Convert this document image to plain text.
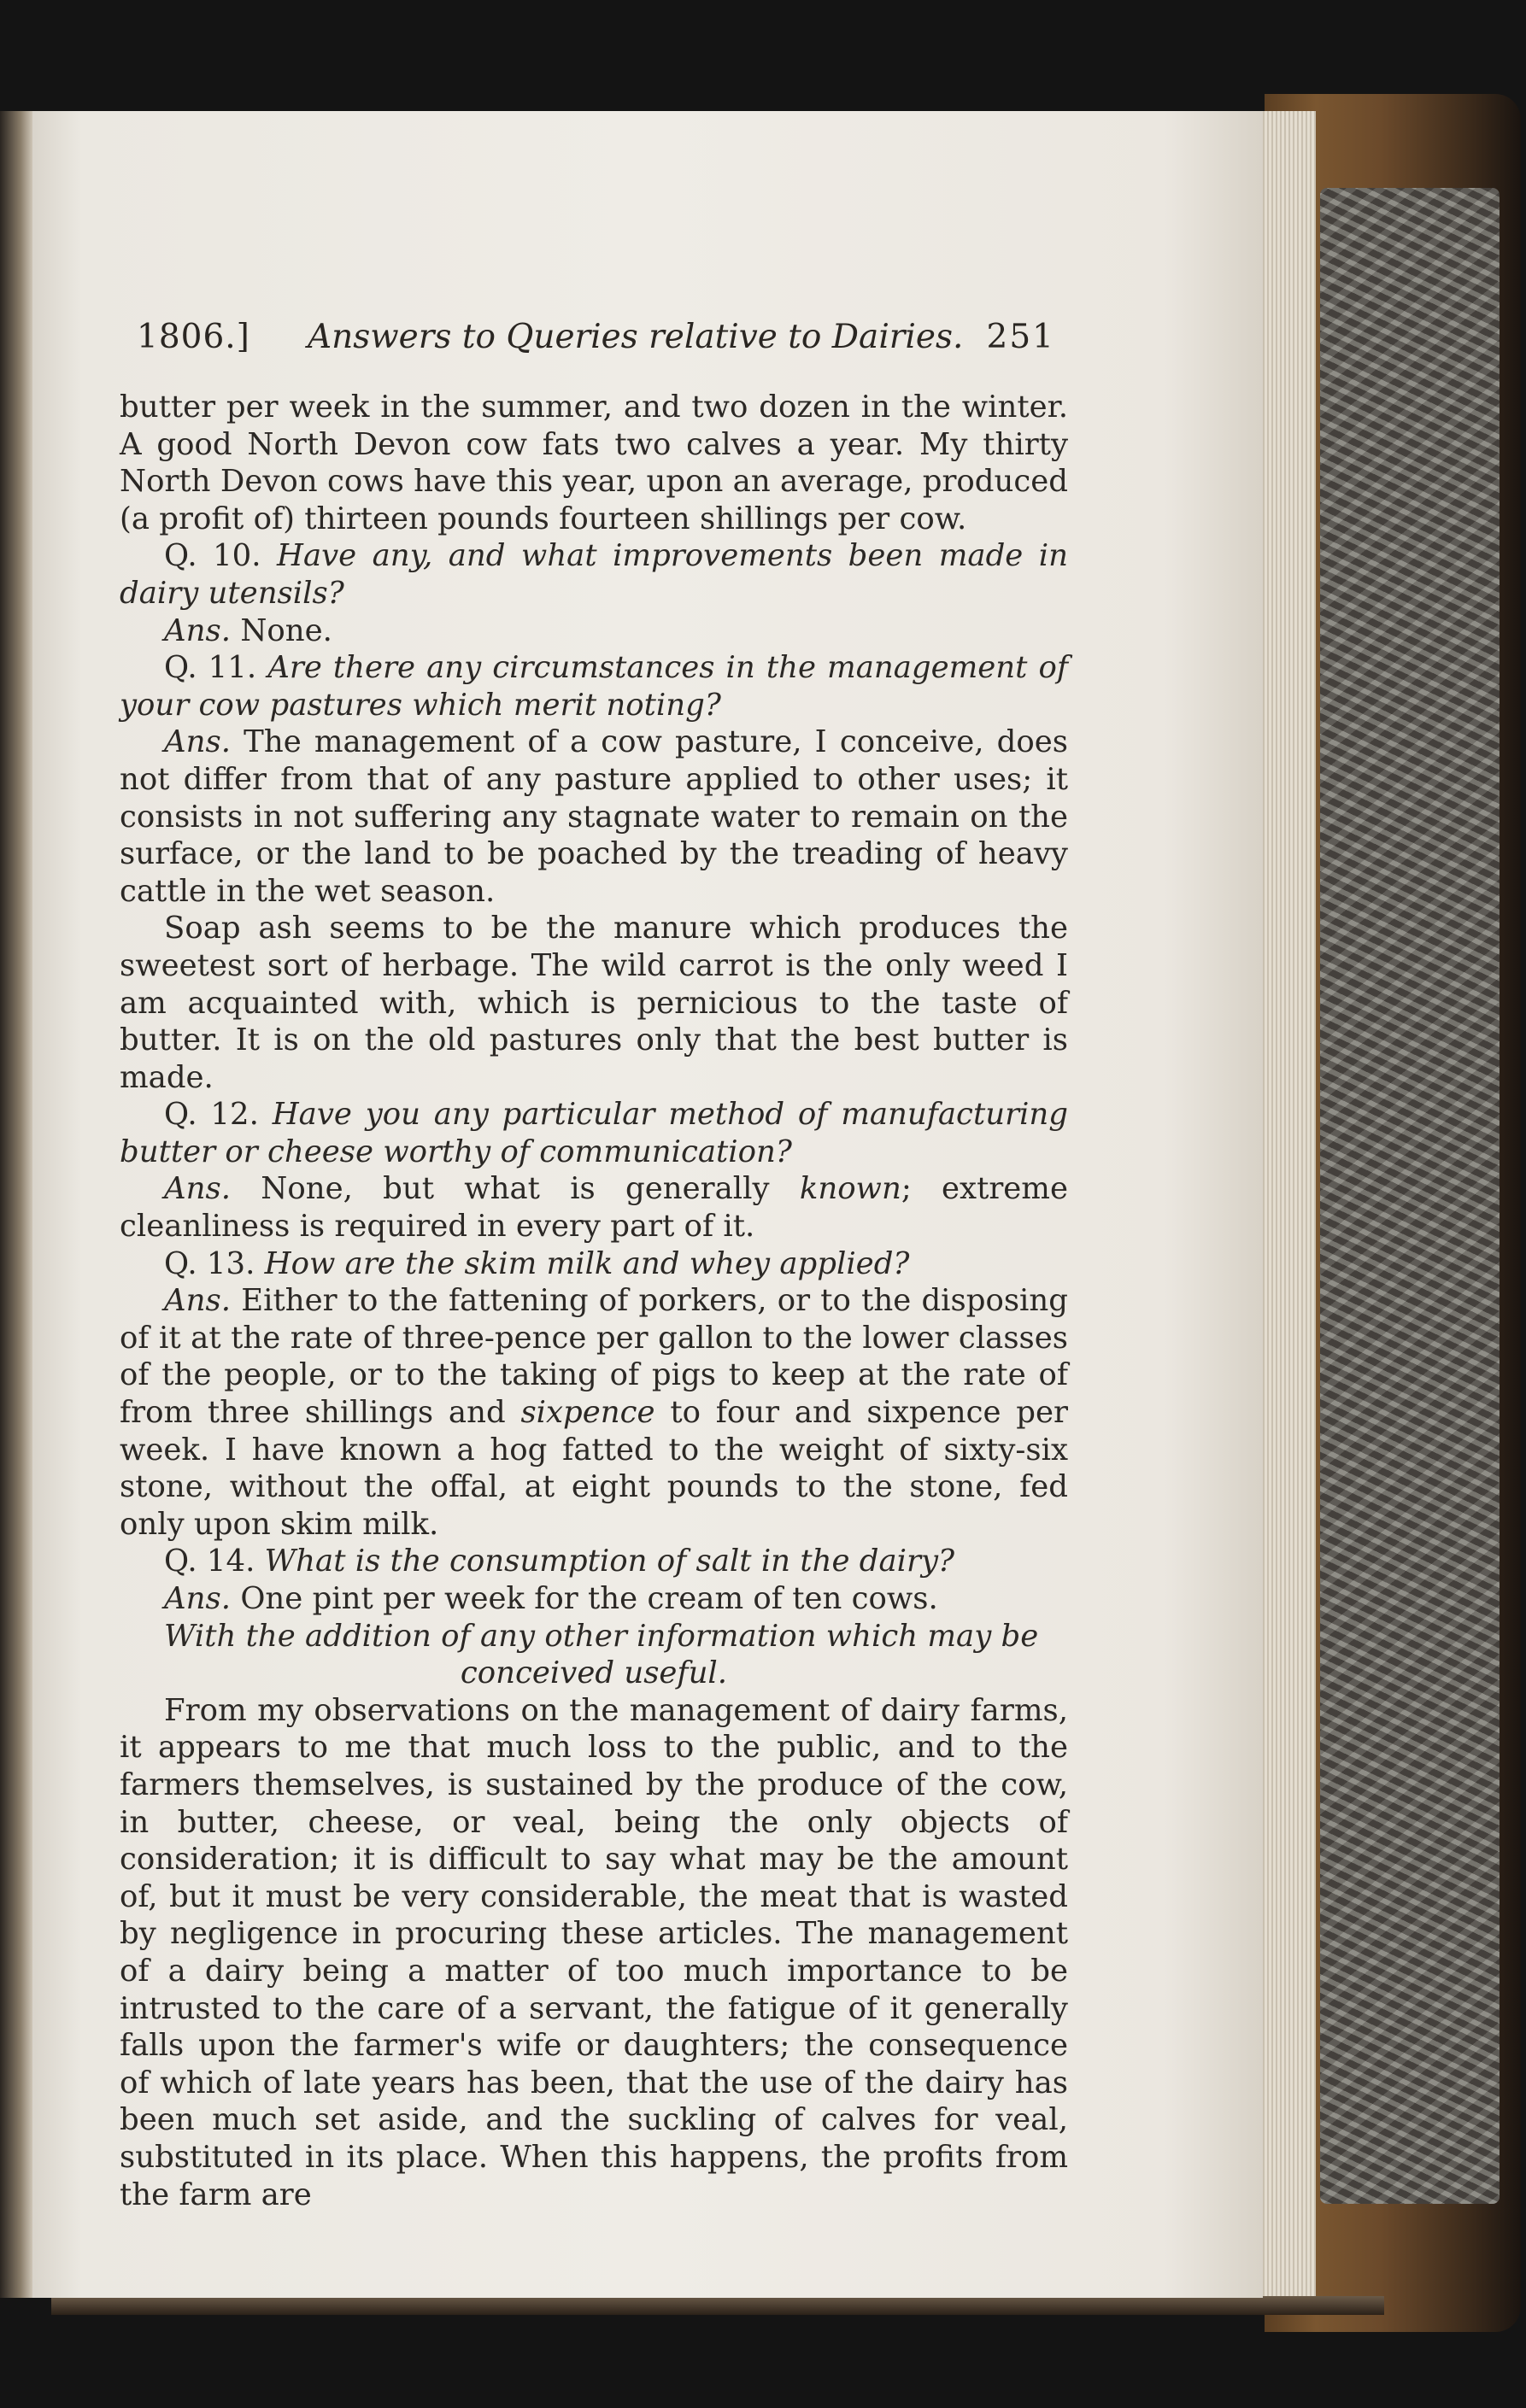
1806.] Answers to Queries relative to Dairies. 251

butter per week in the summer, and two dozen in the winter. A good North Devon cow fats two calves a year. My thirty North Devon cows have this year, upon an average, produced (a profit of) thirteen pounds fourteen shillings per cow.

Q. 10. Have any, and what improvements been made in dairy utensils?

Ans. None.

Q. 11. Are there any circumstances in the management of your cow pastures which merit noting?

Ans. The management of a cow pasture, I conceive, does not differ from that of any pasture applied to other uses; it consists in not suffering any stagnate water to remain on the surface, or the land to be poached by the treading of heavy cattle in the wet season.

Soap ash seems to be the manure which produces the sweetest sort of herbage. The wild carrot is the only weed I am acquainted with, which is pernicious to the taste of butter. It is on the old pastures only that the best butter is made.

Q. 12. Have you any particular method of manufacturing butter or cheese worthy of communication?

Ans. None, but what is generally known; extreme cleanliness is required in every part of it.

Q. 13. How are the skim milk and whey applied?

Ans. Either to the fattening of porkers, or to the disposing of it at the rate of three-pence per gallon to the lower classes of the people, or to the taking of pigs to keep at the rate of from three shillings and sixpence to four and sixpence per week. I have known a hog fatted to the weight of sixty-six stone, without the offal, at eight pounds to the stone, fed only upon skim milk.

Q. 14. What is the consumption of salt in the dairy?

Ans. One pint per week for the cream of ten cows.

With the addition of any other information which may be

conceived useful.

From my observations on the management of dairy farms, it appears to me that much loss to the public, and to the farmers themselves, is sustained by the produce of the cow, in butter, cheese, or veal, being the only objects of consideration; it is difficult to say what may be the amount of, but it must be very considerable, the meat that is wasted by negligence in procuring these articles. The management of a dairy being a matter of too much importance to be intrusted to the care of a servant, the fatigue of it generally falls upon the farmer's wife or daughters; the consequence of which of late years has been, that the use of the dairy has been much set aside, and the suckling of calves for veal, substituted in its place. When this happens, the profits from the farm are
